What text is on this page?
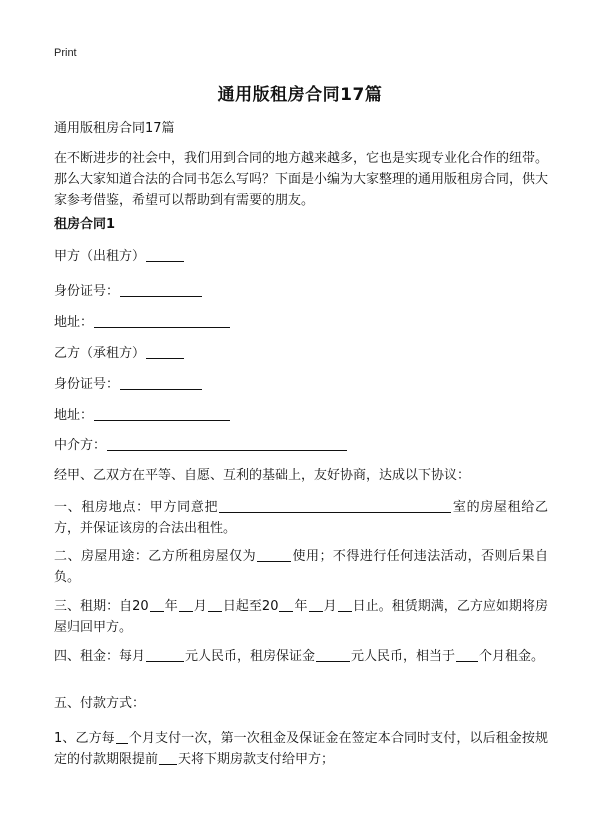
Print
通用版租房合同17篇
通用版租房合同17篇
在不断进步的社会中，我们用到合同的地方越来越多，它也是实现专业化合作的纽带。那么大家知道合法的合同书怎么写吗？下面是小编为大家整理的通用版租房合同，供大家参考借鉴，希望可以帮助到有需要的朋友。
租房合同1
甲方（出租方）
身份证号：
地址：
乙方（承租方）
身份证号：
地址：
中介方：
经甲、乙双方在平等、自愿、互利的基础上，友好协商，达成以下协议：
一、租房地点：甲方同意把	室的房屋租给乙方，并保证该房的合法出租性。
二、房屋用途：乙方所租房屋仅为	使用；不得进行任何违法活动，否则后果自负。
三、租期：自20 年 月 日起至20 年 月 日止。租赁期满，乙方应如期将房屋归回甲方。
四、租金：每月	元人民币，租房保证金	元人民币，相当于 个月租金。
五、付款方式：
1、乙方每 个月支付一次，第一次租金及保证金在签定本合同时支付，以后租金按规定的付款期限提前 天将下期房款支付给甲方；
